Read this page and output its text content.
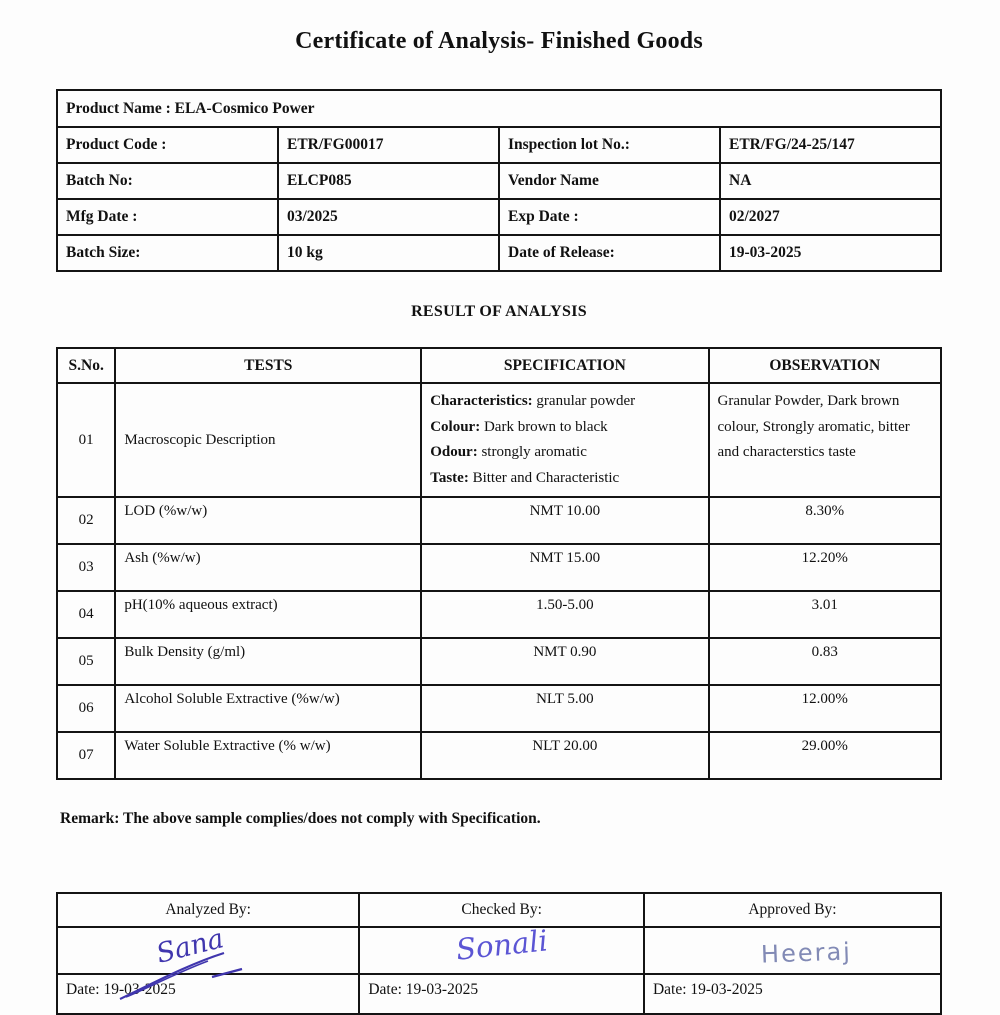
Certificate of Analysis- Finished Goods
Product Name : ELA-Cosmico Power			
Product Code :	ETR/FG00017	Inspection lot No.:	ETR/FG/24-25/147
Batch No:	ELCP085	Vendor Name	NA
Mfg Date :	03/2025	Exp Date :	02/2027
Batch Size:	10 kg	Date of Release:	19-03-2025
RESULT OF ANALYSIS
S.No.	TESTS	SPECIFICATION	OBSERVATION
01	Macroscopic Description	Characteristics: granular powder
Colour: Dark brown to black
Odour: strongly aromatic
Taste: Bitter and Characteristic	Granular Powder, Dark brown colour, Strongly aromatic, bitter and characterstics taste
02	LOD (%w/w)	NMT 10.00	8.30%
03	Ash (%w/w)	NMT 15.00	12.20%
04	pH(10% aqueous extract)	1.50-5.00	3.01
05	Bulk Density (g/ml)	NMT 0.90	0.83
06	Alcohol Soluble Extractive (%w/w)	NLT 5.00	12.00%
07	Water Soluble Extractive (% w/w)	NLT 20.00	29.00%
Remark: The above sample complies/does not comply with Specification.
Analyzed By:	Checked By:	Approved By:

Sana	Sonali	Heeraj
Date: 19-03-2025	Date: 19-03-2025	Date: 19-03-2025
